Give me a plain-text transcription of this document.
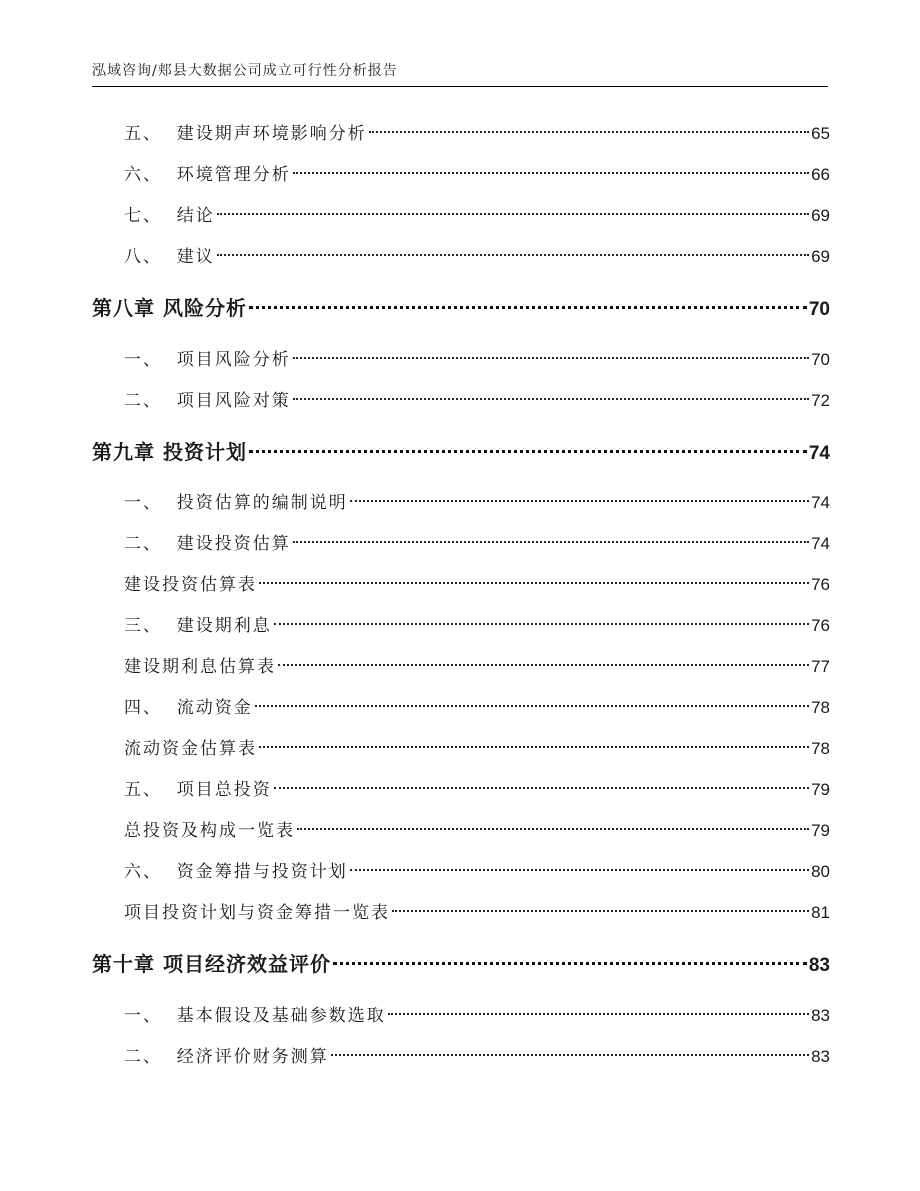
泓域咨询/郏县大数据公司成立可行性分析报告
五、  建设期声环境影响分析	65
六、  环境管理分析	66
七、  结论	69
八、  建议	69
第八章 风险分析	70
一、  项目风险分析	70
二、  项目风险对策	72
第九章 投资计划	74
一、  投资估算的编制说明	74
二、  建设投资估算	74
建设投资估算表	76
三、  建设期利息	76
建设期利息估算表	77
四、  流动资金	78
流动资金估算表	78
五、  项目总投资	79
总投资及构成一览表	79
六、  资金筹措与投资计划	80
项目投资计划与资金筹措一览表	81
第十章 项目经济效益评价	83
一、  基本假设及基础参数选取	83
二、  经济评价财务测算	83
